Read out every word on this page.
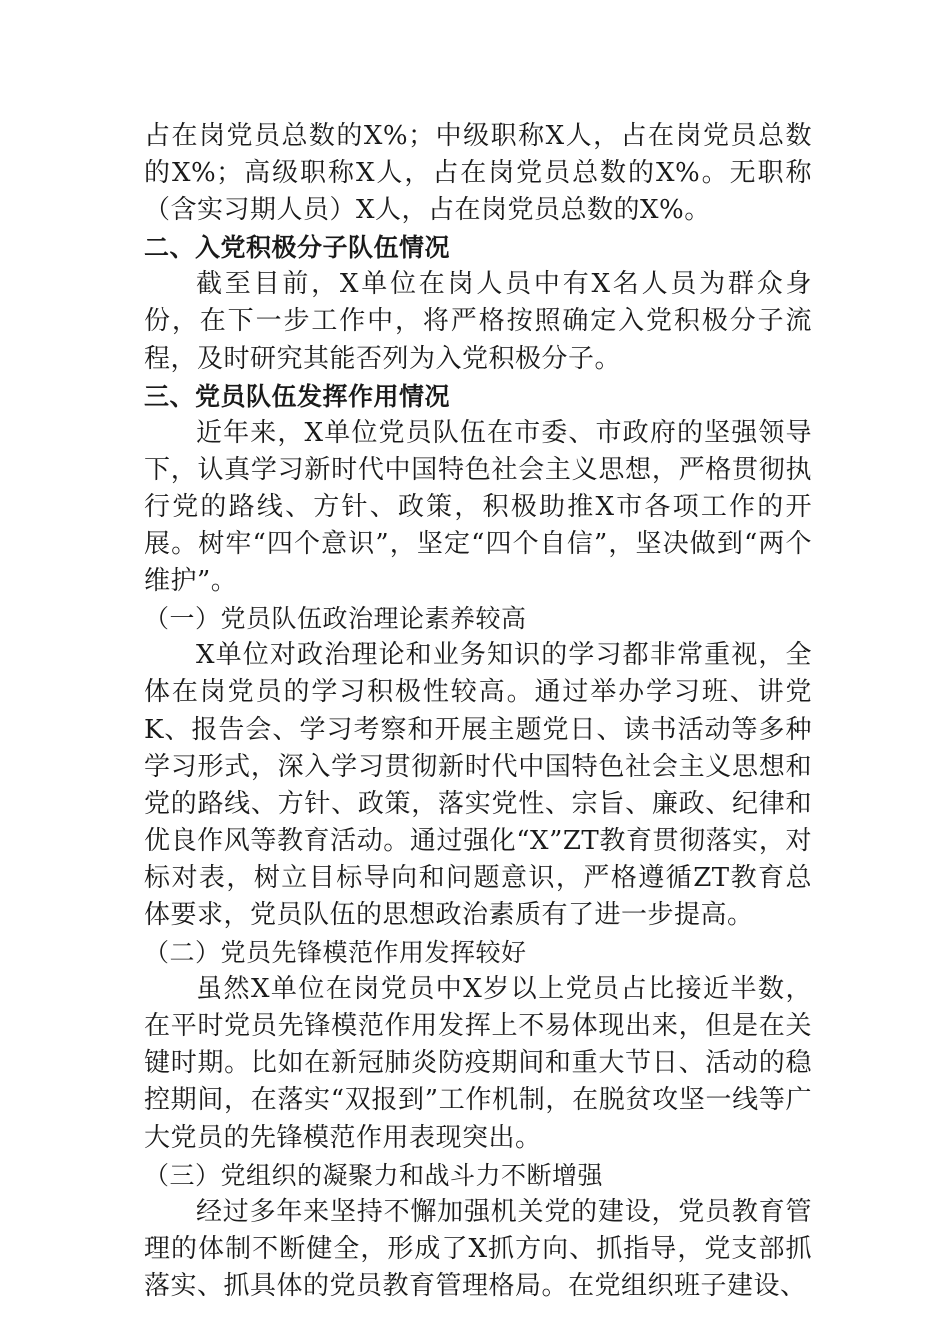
占在岗党员总数的X%；中级职称X人，占在岗党员总数的X%；高级职称X人，占在岗党员总数的X%。无职称（含实习期人员）X人，占在岗党员总数的X%。

二、入党积极分子队伍情况

截至目前，X单位在岗人员中有X名人员为群众身份，在下一步工作中，将严格按照确定入党积极分子流程，及时研究其能否列为入党积极分子。

三、党员队伍发挥作用情况

近年来，X单位党员队伍在市委、市政府的坚强领导下，认真学习新时代中国特色社会主义思想，严格贯彻执行党的路线、方针、政策，积极助推X市各项工作的开展。树牢“四个意识”，坚定“四个自信”，坚决做到“两个维护”。

（一）党员队伍政治理论素养较高

X单位对政治理论和业务知识的学习都非常重视，全体在岗党员的学习积极性较高。通过举办学习班、讲党K、报告会、学习考察和开展主题党日、读书活动等多种学习形式，深入学习贯彻新时代中国特色社会主义思想和党的路线、方针、政策，落实党性、宗旨、廉政、纪律和优良作风等教育活动。通过强化“X”ZT教育贯彻落实，对标对表，树立目标导向和问题意识，严格遵循ZT教育总体要求，党员队伍的思想政治素质有了进一步提高。

（二）党员先锋模范作用发挥较好

虽然X单位在岗党员中X岁以上党员占比接近半数，在平时党员先锋模范作用发挥上不易体现出来，但是在关键时期。比如在新冠肺炎防疫期间和重大节日、活动的稳控期间，在落实“双报到”工作机制，在脱贫攻坚一线等广大党员的先锋模范作用表现突出。

（三）党组织的凝聚力和战斗力不断增强

经过多年来坚持不懈加强机关党的建设，党员教育管理的体制不断健全，形成了X抓方向、抓指导，党支部抓落实、抓具体的党员教育管理格局。在党组织班子建设、
